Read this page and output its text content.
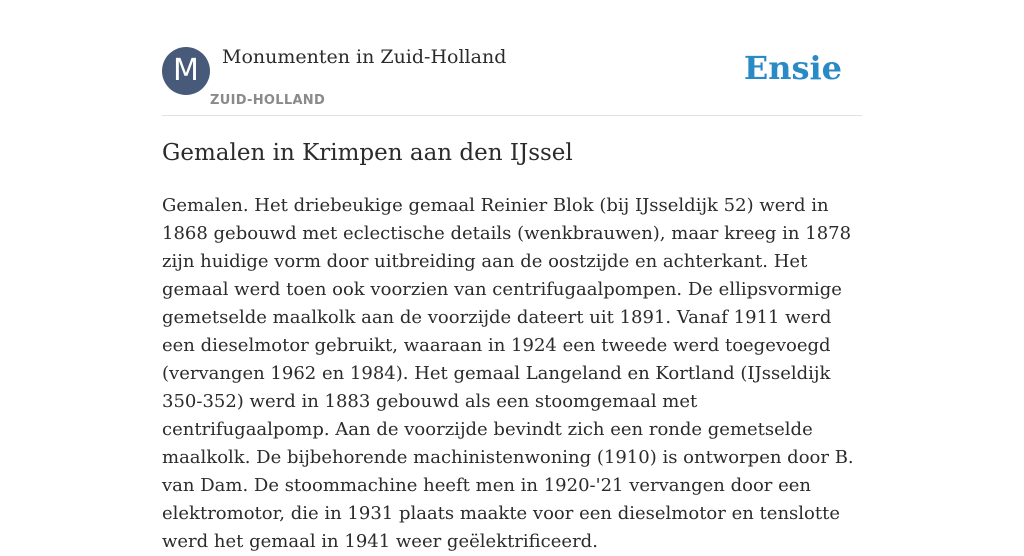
M	Monumenten in Zuid-Holland
ZUID-HOLLAND
Ensie
Gemalen in Krimpen aan den IJssel

Gemalen. Het driebeukige gemaal Reinier Blok (bij IJsseldijk 52) werd in 1868 gebouwd met eclectische details (wenkbrauwen), maar kreeg in 1878 zijn huidige vorm door uitbreiding aan de oostzijde en achterkant. Het gemaal werd toen ook voorzien van centrifugaalpompen. De ellipsvormige gemetselde maalkolk aan de voorzijde dateert uit 1891. Vanaf 1911 werd een dieselmotor gebruikt, waaraan in 1924 een tweede werd toegevoegd (vervangen 1962 en 1984). Het gemaal Langeland en Kortland (IJsseldijk 350-352) werd in 1883 gebouwd als een stoomgemaal met centrifugaalpomp. Aan de voorzijde bevindt zich een ronde gemetselde maalkolk. De bijbehorende machinistenwoning (1910) is ontworpen door B. van Dam. De stoommachine heeft men in 1920-'21 vervangen door een elektromotor, die in 1931 plaats maakte voor een dieselmotor en tenslotte werd het gemaal in 1941 weer geëlektrificeerd.
